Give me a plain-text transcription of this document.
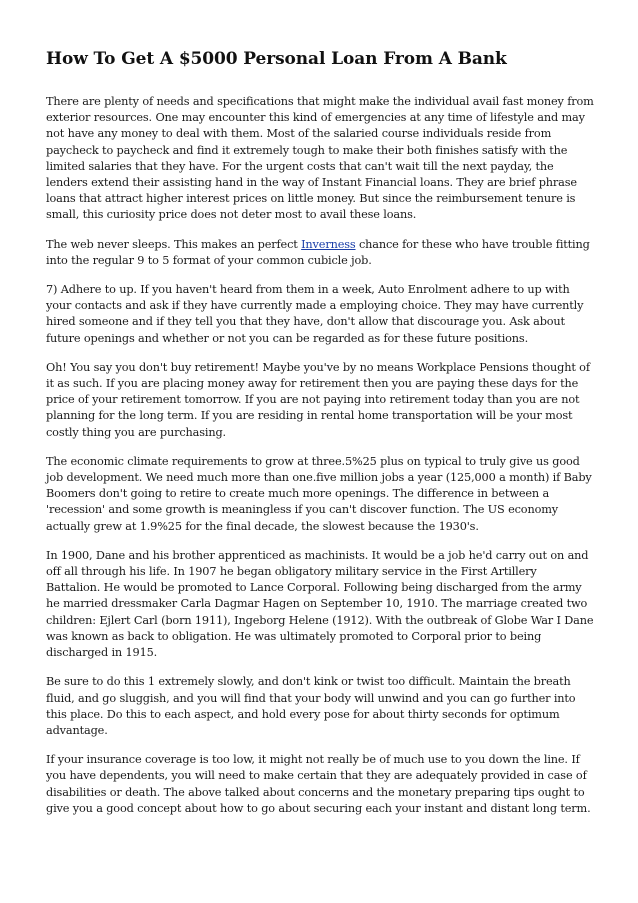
How To Get A $5000 Personal Loan From A Bank

There are plenty of needs and specifications that might make the individual avail fast money from exterior resources. One may encounter this kind of emergencies at any time of lifestyle and may not have any money to deal with them. Most of the salaried course individuals reside from paycheck to paycheck and find it extremely tough to make their both finishes satisfy with the limited salaries that they have. For the urgent costs that can't wait till the next payday, the lenders extend their assisting hand in the way of Instant Financial loans. They are brief phrase loans that attract higher interest prices on little money. But since the reimbursement tenure is small, this curiosity price does not deter most to avail these loans.

The web never sleeps. This makes an perfect Inverness chance for these who have trouble fitting into the regular 9 to 5 format of your common cubicle job.

7) Adhere to up. If you haven't heard from them in a week, Auto Enrolment adhere to up with your contacts and ask if they have currently made a employing choice. They may have currently hired someone and if they tell you that they have, don't allow that discourage you. Ask about future openings and whether or not you can be regarded as for these future positions.

Oh! You say you don't buy retirement! Maybe you've by no means Workplace Pensions thought of it as such. If you are placing money away for retirement then you are paying these days for the price of your retirement tomorrow. If you are not paying into retirement today than you are not planning for the long term. If you are residing in rental home transportation will be your most costly thing you are purchasing.

The economic climate requirements to grow at three.5%25 plus on typical to truly give us good job development. We need much more than one.five million jobs a year (125,000 a month) if Baby Boomers don't going to retire to create much more openings. The difference in between a 'recession' and some growth is meaningless if you can't discover function. The US economy actually grew at 1.9%25 for the final decade, the slowest because the 1930's.

In 1900, Dane and his brother apprenticed as machinists. It would be a job he'd carry out on and off all through his life. In 1907 he began obligatory military service in the First Artillery Battalion. He would be promoted to Lance Corporal. Following being discharged from the army he married dressmaker Carla Dagmar Hagen on September 10, 1910. The marriage created two children: Ejlert Carl (born 1911), Ingeborg Helene (1912). With the outbreak of Globe War I Dane was known as back to obligation. He was ultimately promoted to Corporal prior to being discharged in 1915.

Be sure to do this 1 extremely slowly, and don't kink or twist too difficult. Maintain the breath fluid, and go sluggish, and you will find that your body will unwind and you can go further into this place. Do this to each aspect, and hold every pose for about thirty seconds for optimum advantage.

If your insurance coverage is too low, it might not really be of much use to you down the line. If you have dependents, you will need to make certain that they are adequately provided in case of disabilities or death. The above talked about concerns and the monetary preparing tips ought to give you a good concept about how to go about securing each your instant and distant long term.
